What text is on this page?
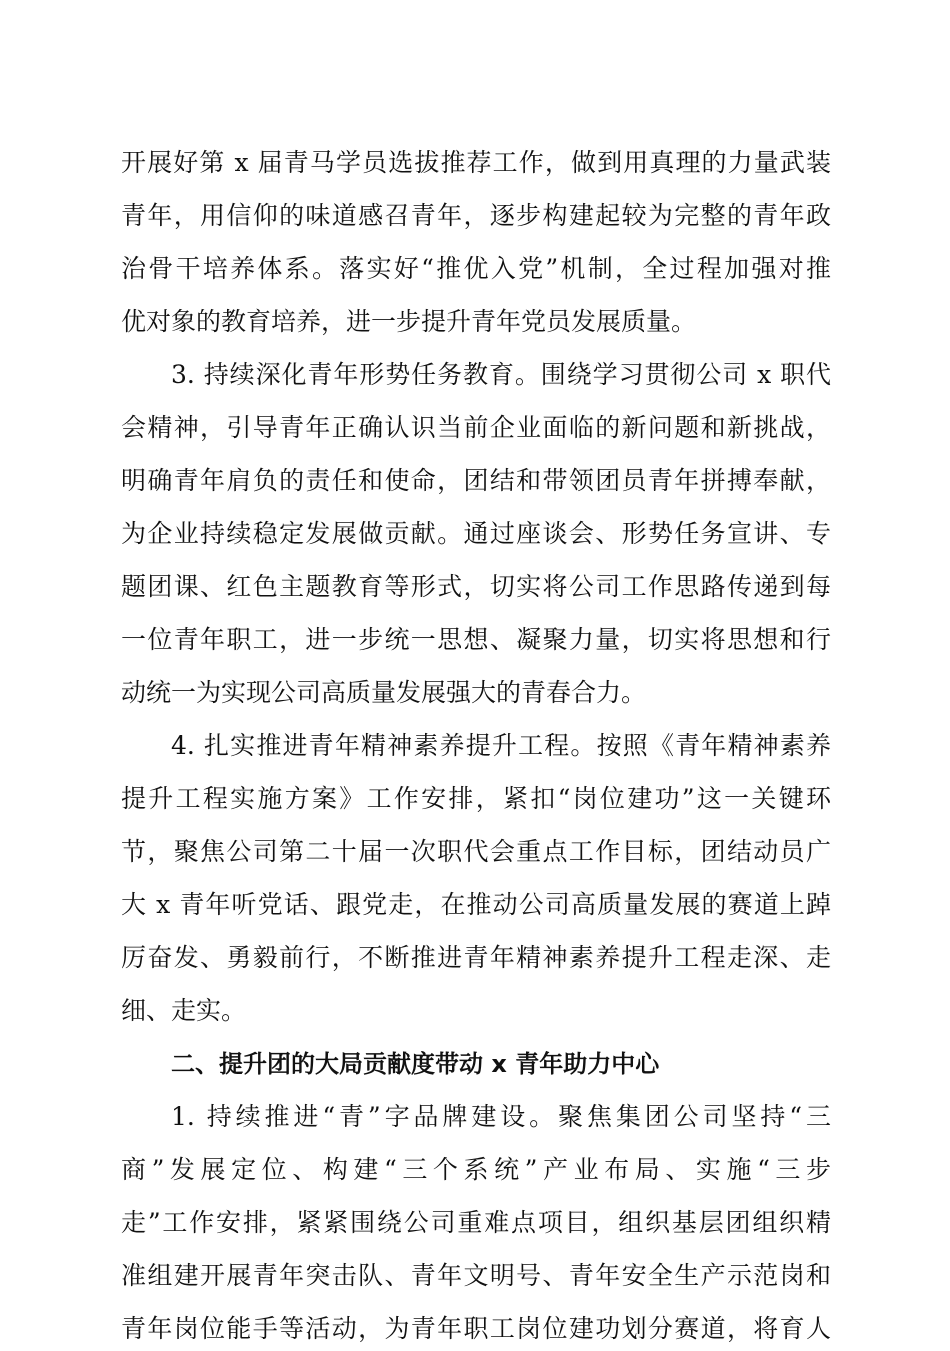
开展好第 x 届青马学员选拔推荐工作，做到用真理的力量武装
青年，用信仰的味道感召青年，逐步构建起较为完整的青年政
治骨干培养体系。落实好“推优入党”机制，全过程加强对推
优对象的教育培养，进一步提升青年党员发展质量。
3. 持续深化青年形势任务教育。围绕学习贯彻公司 x 职代
会精神，引导青年正确认识当前企业面临的新问题和新挑战，
明确青年肩负的责任和使命，团结和带领团员青年拼搏奉献，
为企业持续稳定发展做贡献。通过座谈会、形势任务宣讲、专
题团课、红色主题教育等形式，切实将公司工作思路传递到每
一位青年职工，进一步统一思想、凝聚力量，切实将思想和行
动统一为实现公司高质量发展强大的青春合力。
4. 扎实推进青年精神素养提升工程。按照《青年精神素养
提升工程实施方案》工作安排，紧扣“岗位建功”这一关键环
节，聚焦公司第二十届一次职代会重点工作目标，团结动员广
大 x 青年听党话、跟党走，在推动公司高质量发展的赛道上踔
厉奋发、勇毅前行，不断推进青年精神素养提升工程走深、走
细、走实。
二、提升团的大局贡献度带动 x 青年助力中心
1. 持续推进“青”字品牌建设。聚焦集团公司坚持“三
商”发展定位、构建“三个系统”产业布局、实施“三步
走”工作安排，紧紧围绕公司重难点项目，组织基层团组织精
准组建开展青年突击队、青年文明号、青年安全生产示范岗和
青年岗位能手等活动，为青年职工岗位建功划分赛道，将育人
